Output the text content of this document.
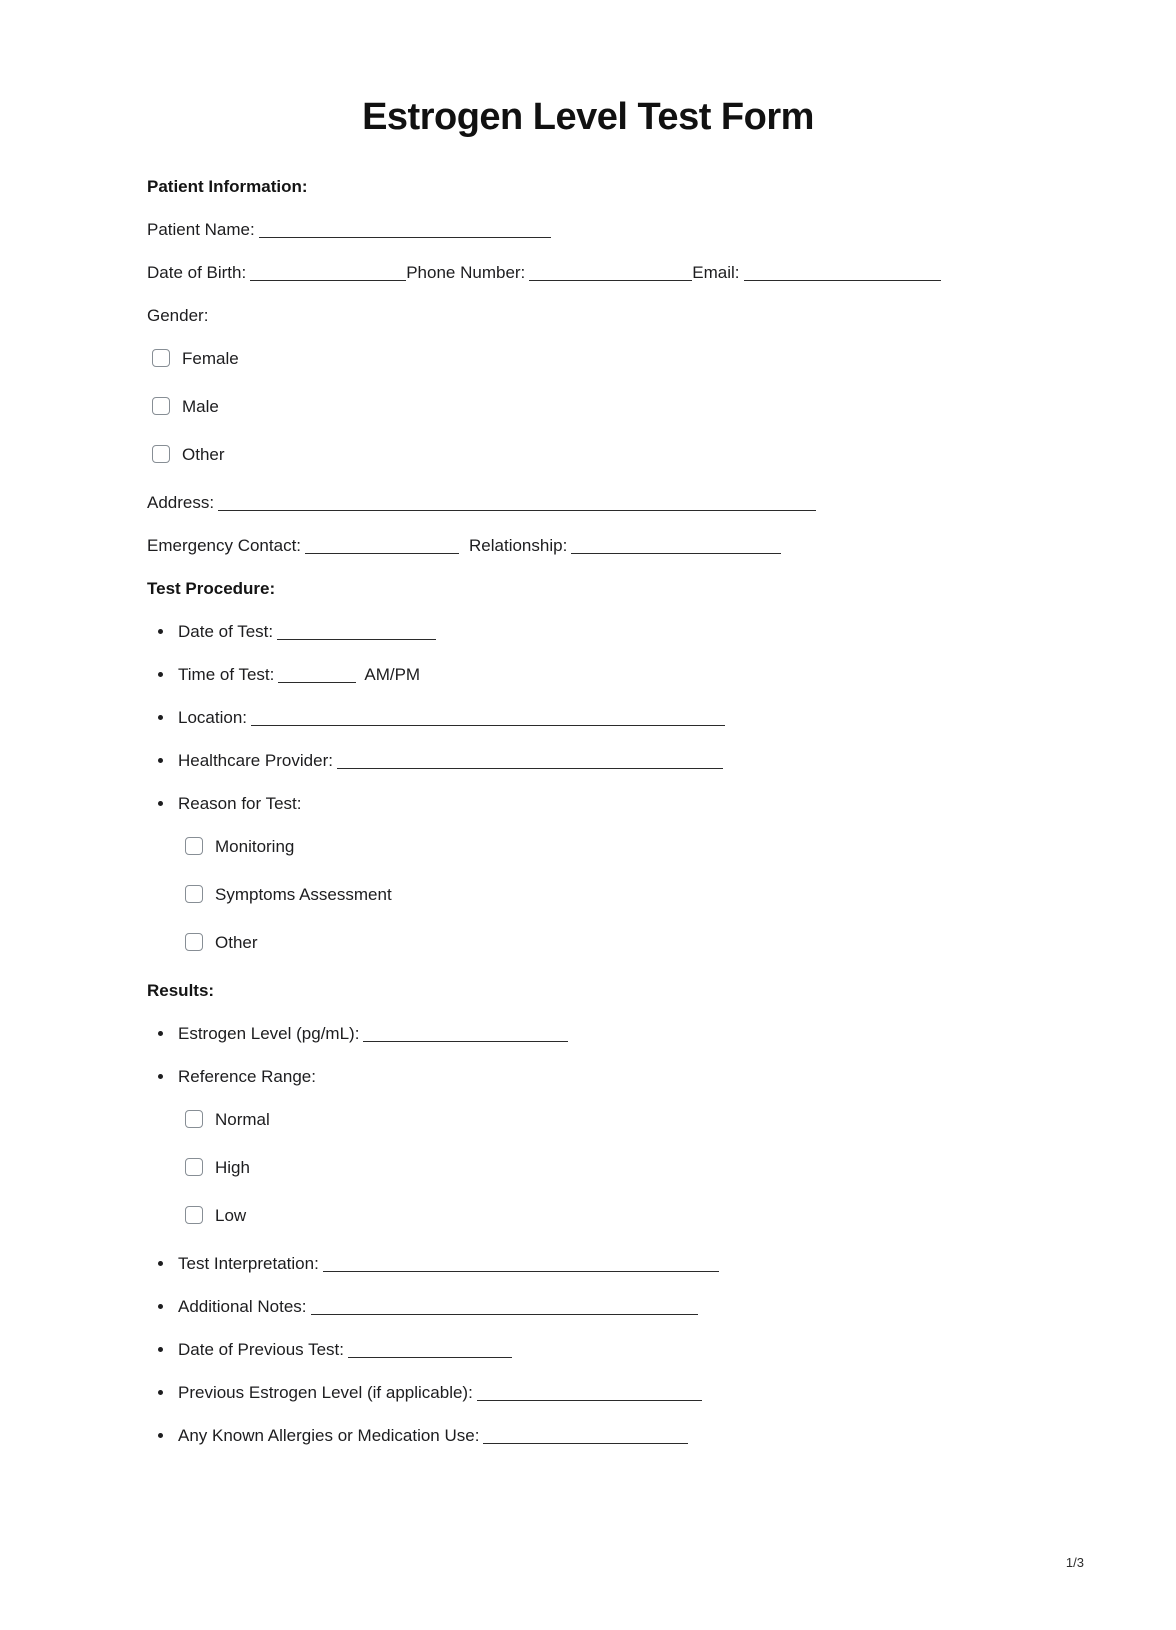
Estrogen Level Test Form
Patient Information:
Patient Name:
Date of Birth:	Phone Number:	Email:
Gender:
Female
Male
Other
Address:
Emergency Contact:	Relationship:
Test Procedure:
Date of Test:
Time of Test:	AM/PM
Location:
Healthcare Provider:
Reason for Test:
Monitoring
Symptoms Assessment
Other
Results:
Estrogen Level (pg/mL):
Reference Range:
Normal
High
Low
Test Interpretation:
Additional Notes:
Date of Previous Test:
Previous Estrogen Level (if applicable):
Any Known Allergies or Medication Use:
1/3
